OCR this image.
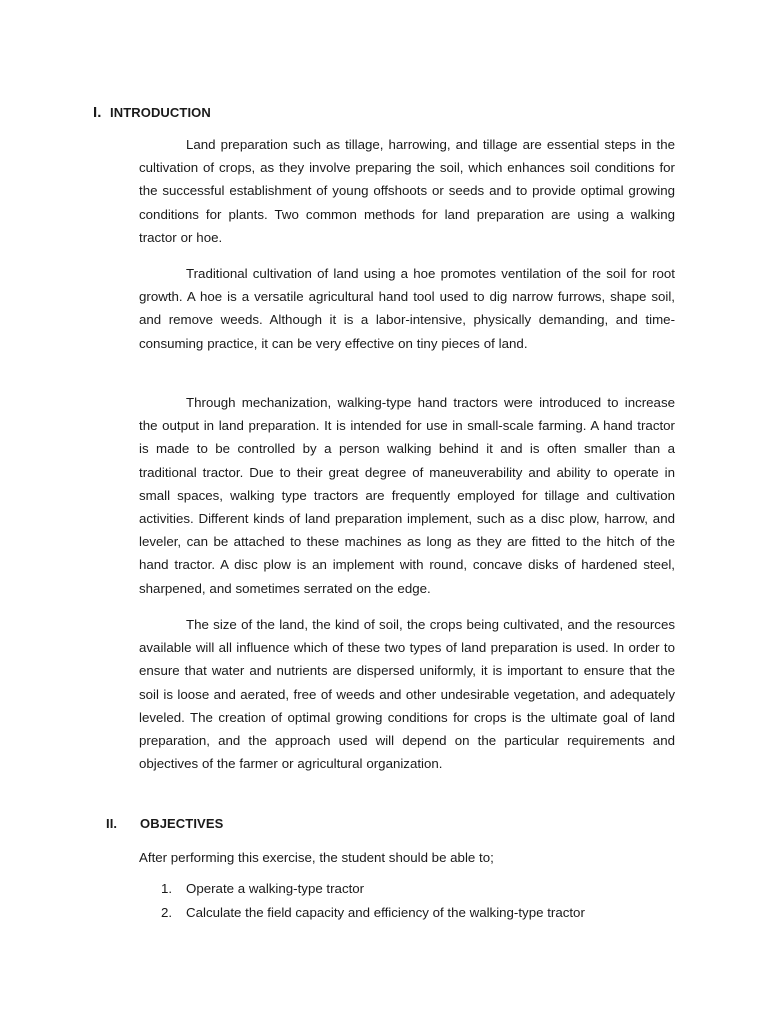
I. INTRODUCTION

Land preparation such as tillage, harrowing, and tillage are essential steps in the cultivation of crops, as they involve preparing the soil, which enhances soil conditions for the successful establishment of young offshoots or seeds and to provide optimal growing conditions for plants. Two common methods for land preparation are using a walking tractor or hoe.

Traditional cultivation of land using a hoe promotes ventilation of the soil for root growth. A hoe is a versatile agricultural hand tool used to dig narrow furrows, shape soil, and remove weeds. Although it is a labor-intensive, physically demanding, and time-consuming practice, it can be very effective on tiny pieces of land.

Through mechanization, walking-type hand tractors were introduced to increase the output in land preparation. It is intended for use in small-scale farming. A hand tractor is made to be controlled by a person walking behind it and is often smaller than a traditional tractor. Due to their great degree of maneuverability and ability to operate in small spaces, walking type tractors are frequently employed for tillage and cultivation activities. Different kinds of land preparation implement, such as a disc plow, harrow, and leveler, can be attached to these machines as long as they are fitted to the hitch of the hand tractor. A disc plow is an implement with round, concave disks of hardened steel, sharpened, and sometimes serrated on the edge.

The size of the land, the kind of soil, the crops being cultivated, and the resources available will all influence which of these two types of land preparation is used. In order to ensure that water and nutrients are dispersed uniformly, it is important to ensure that the soil is loose and aerated, free of weeds and other undesirable vegetation, and adequately leveled. The creation of optimal growing conditions for crops is the ultimate goal of land preparation, and the approach used will depend on the particular requirements and objectives of the farmer or agricultural organization.

II. OBJECTIVES

After performing this exercise, the student should be able to;

1. Operate a walking-type tractor
2. Calculate the field capacity and efficiency of the walking-type tractor
